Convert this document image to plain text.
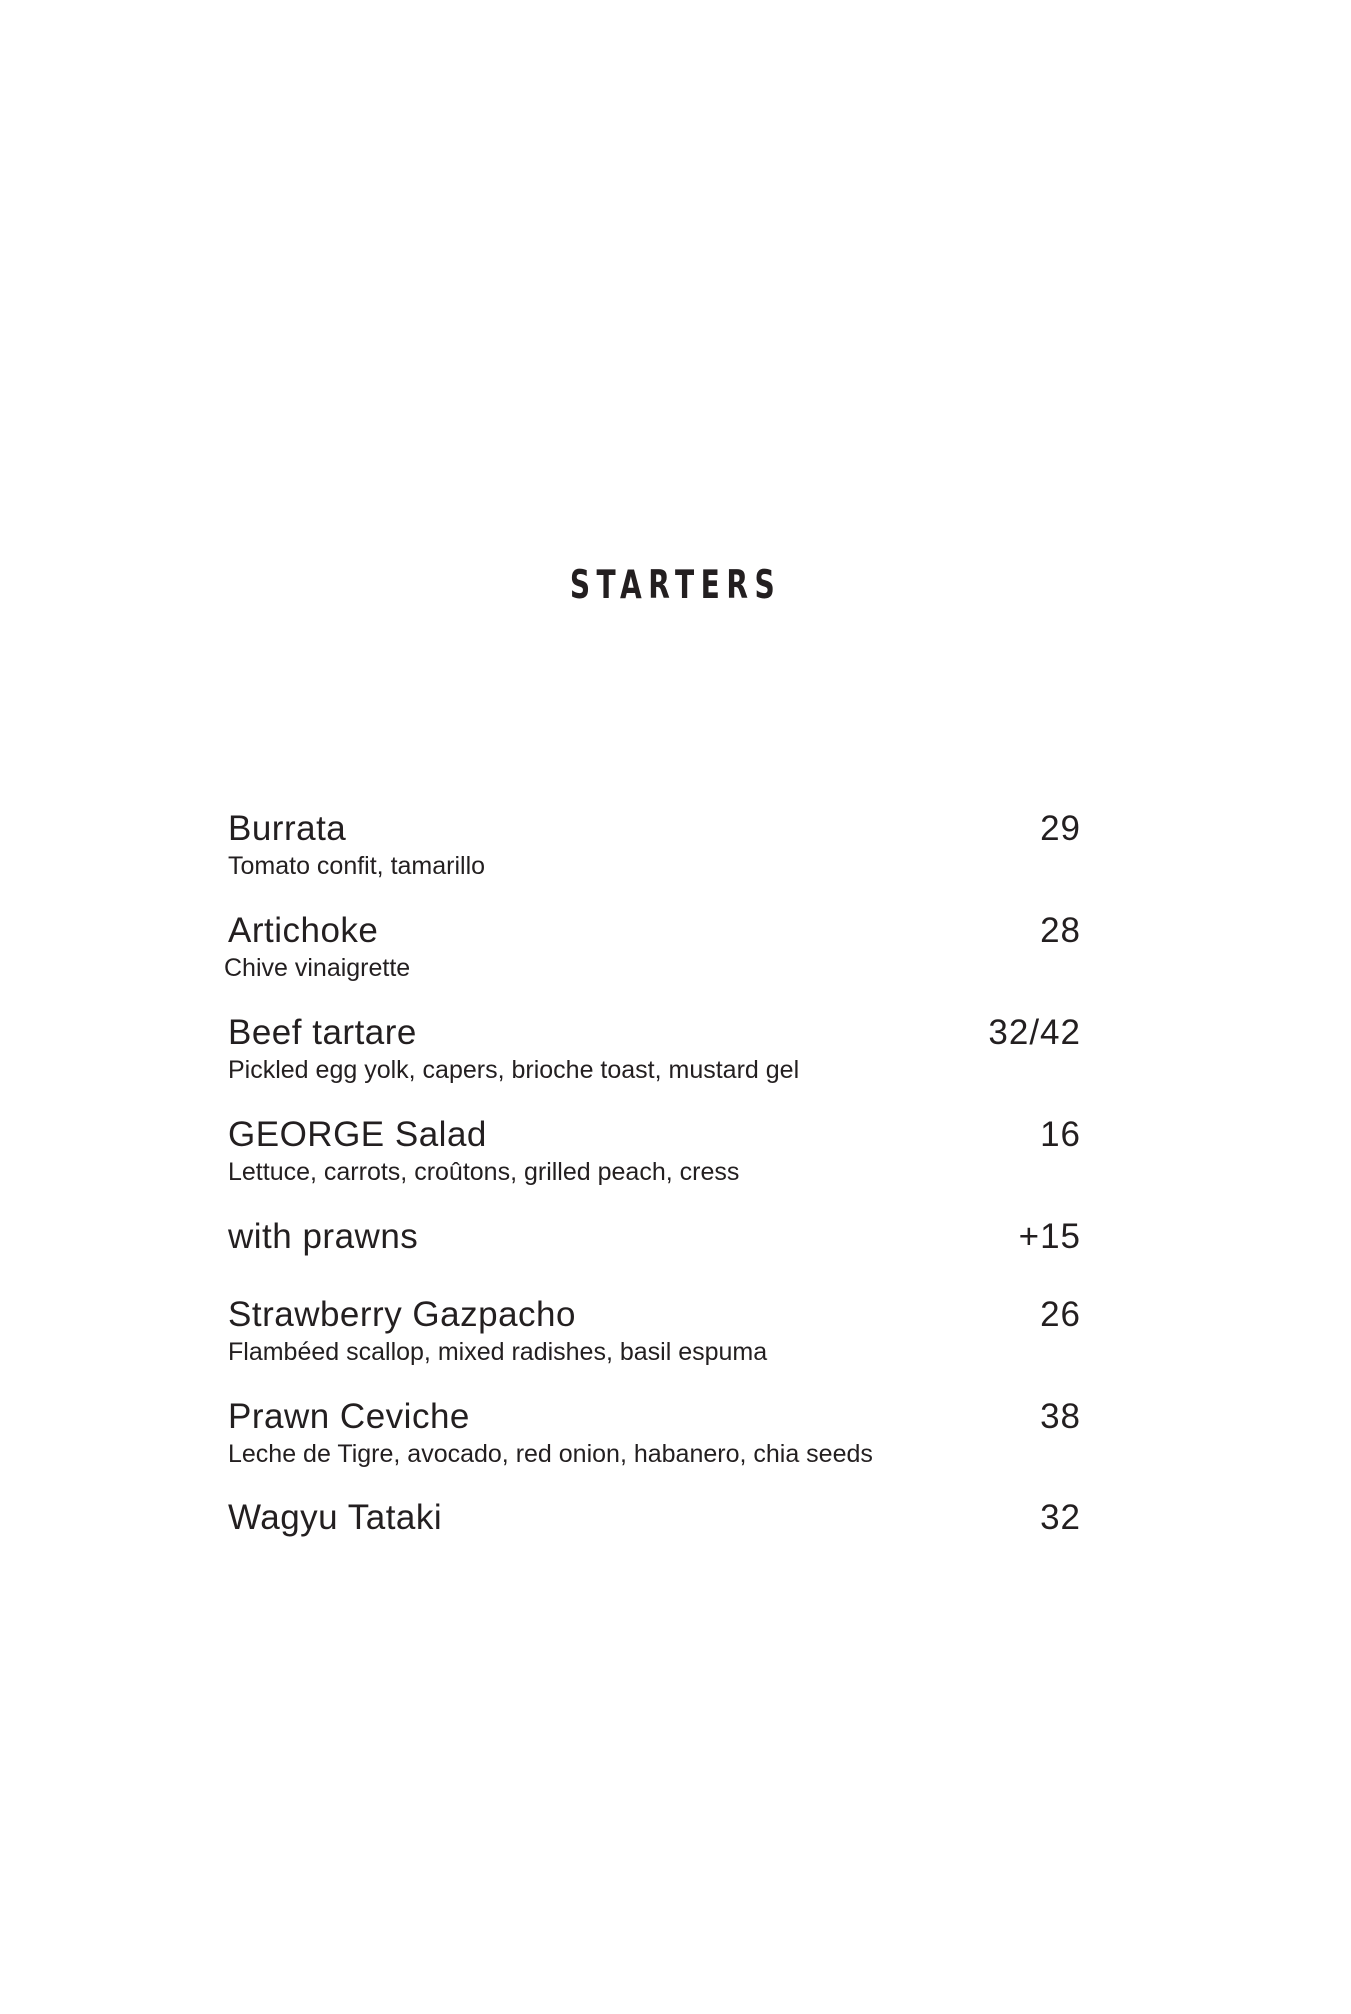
STARTERS
Burrata	29
Tomato confit, tamarillo
Artichoke	28
Chive vinaigrette
Beef tartare	32/42
Pickled egg yolk, capers, brioche toast, mustard gel
GEORGE Salad	16
Lettuce, carrots, croûtons, grilled peach, cress
with prawns	+15
Strawberry Gazpacho	26
Flambéed scallop, mixed radishes, basil espuma
Prawn Ceviche	38
Leche de Tigre, avocado, red onion, habanero, chia seeds
Wagyu Tataki	32
